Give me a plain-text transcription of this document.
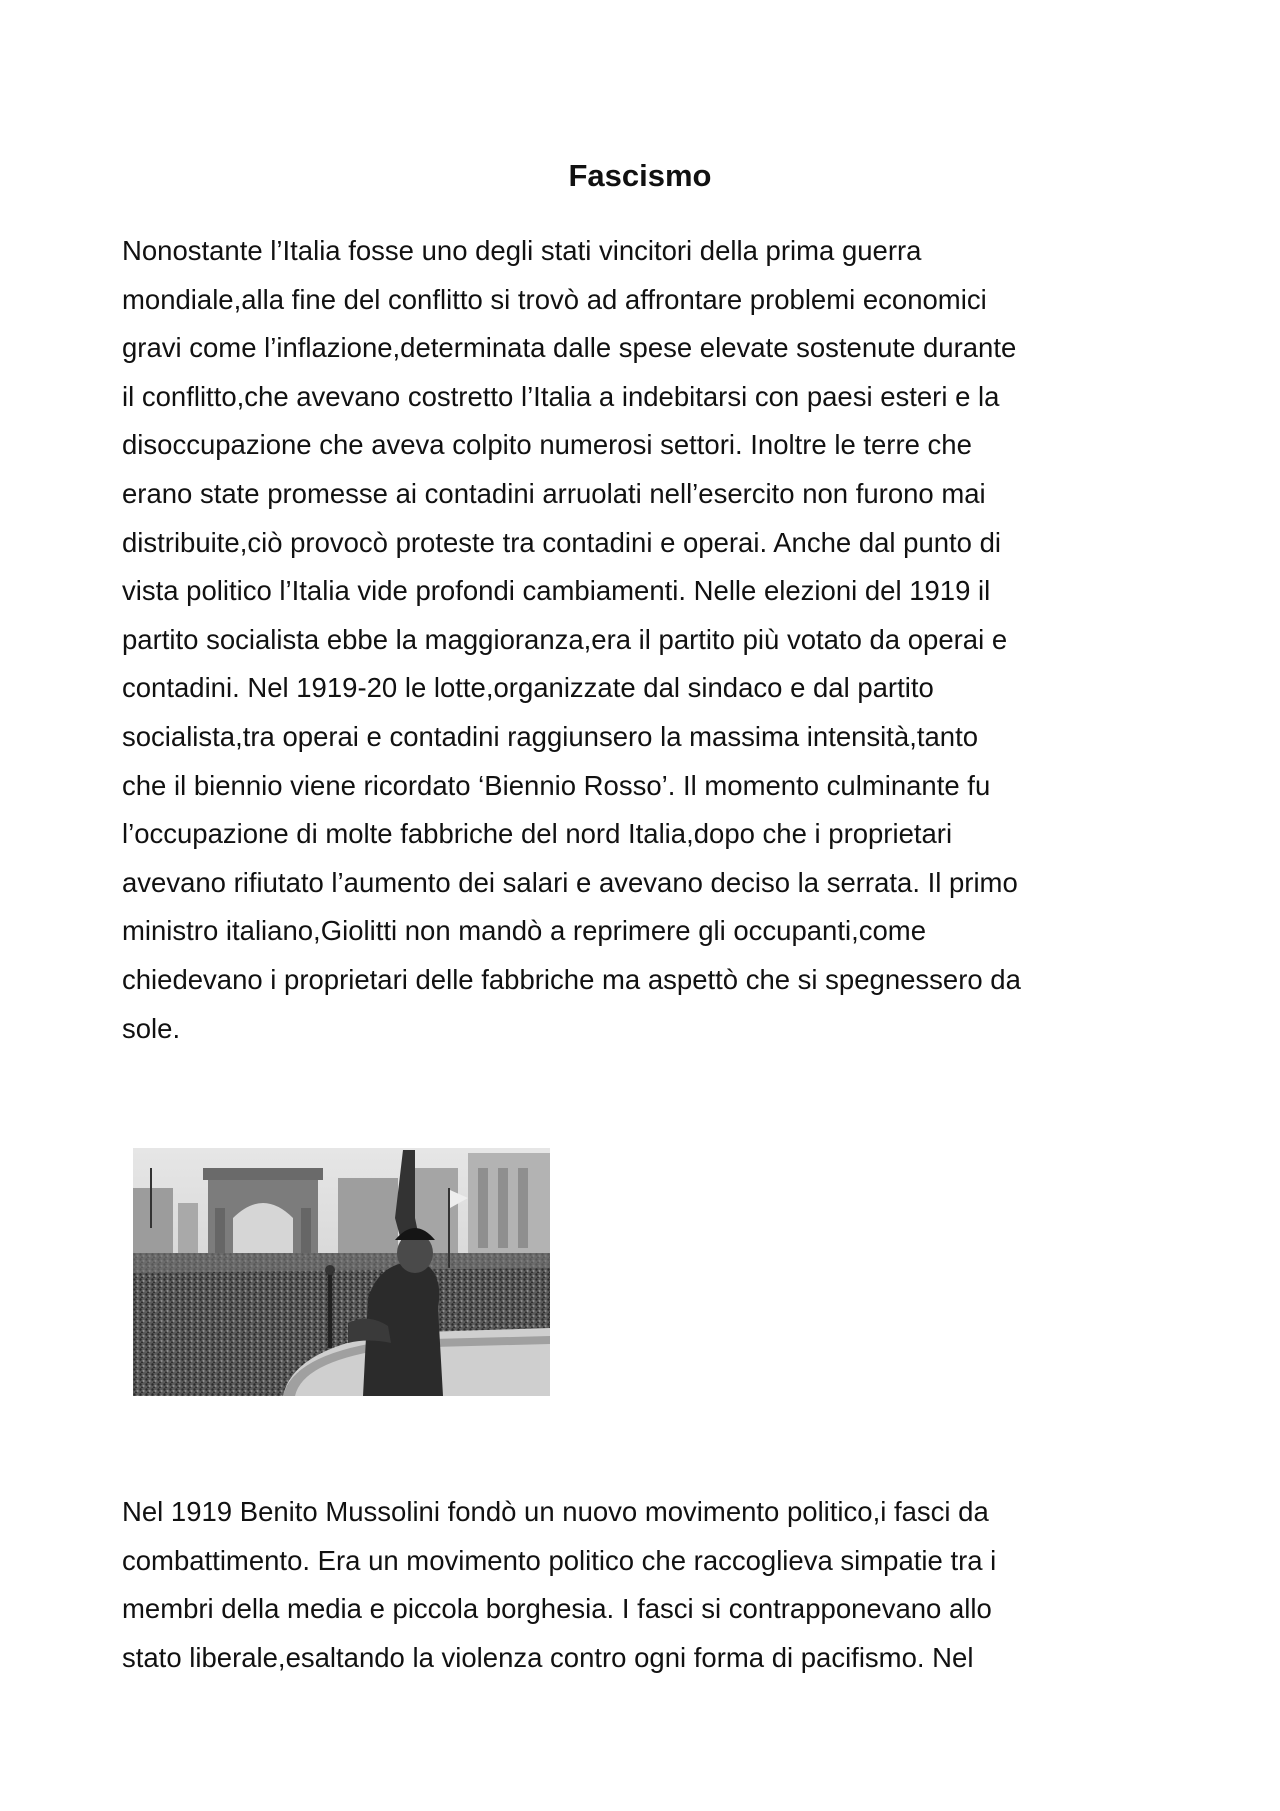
Fascismo

Nonostante l’Italia fosse uno degli stati vincitori della prima guerra
mondiale,alla fine del conflitto si trovò ad affrontare problemi economici
gravi come l’inflazione,determinata dalle spese elevate sostenute durante
il conflitto,che avevano costretto l’Italia a indebitarsi con paesi esteri e la
disoccupazione che aveva colpito numerosi settori. Inoltre le terre che
erano state promesse ai contadini arruolati nell’esercito non furono mai
distribuite,ciò provocò proteste tra contadini e operai. Anche dal punto di
vista politico l’Italia vide profondi cambiamenti. Nelle elezioni del 1919 il
partito socialista ebbe la maggioranza,era il partito più votato da operai e
contadini. Nel 1919-20 le lotte,organizzate dal sindaco e dal partito
socialista,tra operai e contadini raggiunsero la massima intensità,tanto
che il biennio viene ricordato ‘Biennio Rosso’. Il momento culminante fu
l’occupazione di molte fabbriche del nord Italia,dopo che i proprietari
avevano rifiutato l’aumento dei salari e avevano deciso la serrata. Il primo
ministro italiano,Giolitti non mandò a reprimere gli occupanti,come
chiedevano i proprietari delle fabbriche ma aspettò che si spegnessero da
sole.

Nel 1919 Benito Mussolini fondò un nuovo movimento politico,i fasci da
combattimento. Era un movimento politico che raccoglieva simpatie tra i
membri della media e piccola borghesia. I fasci si contrapponevano allo
stato liberale,esaltando la violenza contro ogni forma di pacifismo. Nel
